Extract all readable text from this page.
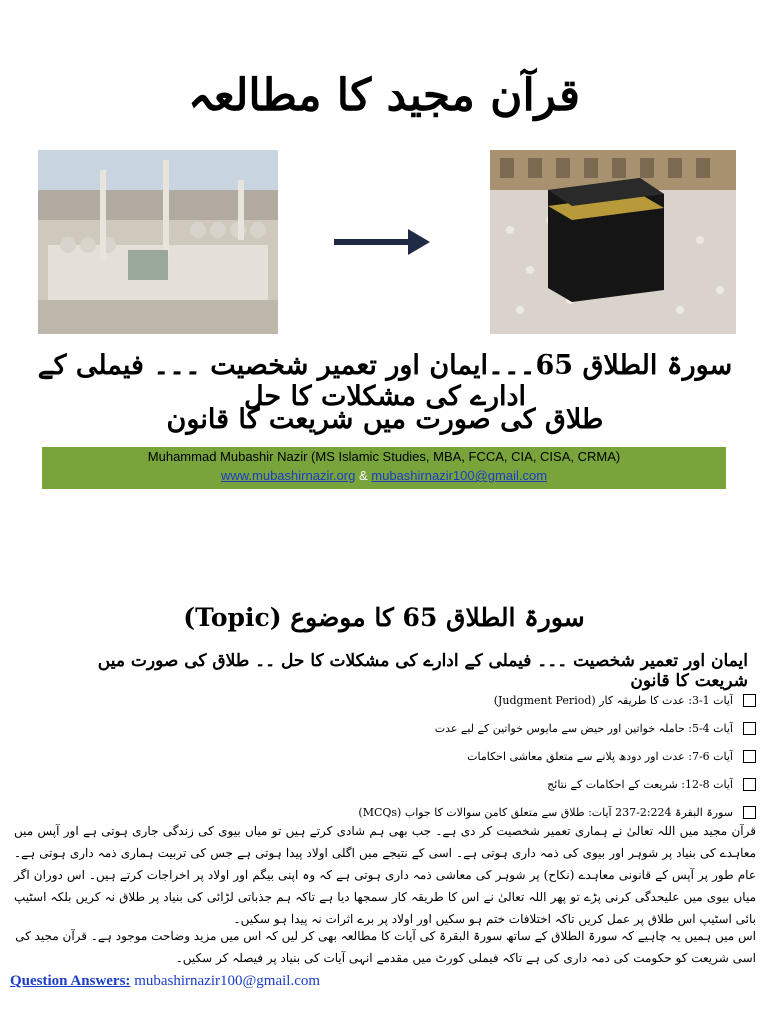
قرآن مجید کا مطالعہ
سورۃ الطلاق 65۔۔۔ایمان اور تعمیر شخصیت ۔۔۔ فیملی کے ادارے کی مشکلات کا حل
طلاق کی صورت میں شریعت کا قانون
Muhammad Mubashir Nazir (MS Islamic Studies, MBA, FCCA, CIA, CISA, CRMA)
www.mubashirnazir.org & mubashirnazir100@gmail.com
سورۃ الطلاق 65 کا موضوع (Topic)
ایمان اور تعمیر شخصیت ۔۔۔ فیملی کے ادارے کی مشکلات کا حل ۔۔ طلاق کی صورت میں شریعت کا قانون
آیات 1-3: عدت کا طریقہ کار (Judgment Period)
آیات 4-5: حاملہ خواتین اور حیض سے مایوس خواتین کے لیے عدت
آیات 6-7: عدت اور دودھ پلانے سے متعلق معاشی احکامات
آیات 8-12: شریعت کے احکامات کے نتائج
سورۃ البقرۃ 2:224-237 آیات: طلاق سے متعلق کامن سوالات کا جواب (MCQs)
قرآن مجید میں اللہ تعالیٰ نے ہماری تعمیر شخصیت کر دی ہے۔ جب بھی ہم شادی کرتے ہیں تو میاں بیوی کی زندگی جاری ہوتی ہے اور آپس میں معاہدے کی بنیاد پر شوہر اور بیوی کی ذمہ داری ہوتی ہے۔ اسی کے نتیجے میں اگلی اولاد پیدا ہوتی ہے جس کی تربیت ہماری ذمہ داری ہوتی ہے۔ عام طور پر آپس کے قانونی معاہدے (نکاح) پر شوہر کی معاشی ذمہ داری ہوتی ہے کہ وہ اپنی بیگم اور اولاد پر اخراجات کرتے ہیں۔ اس دوران اگر میاں بیوی میں علیحدگی کرنی پڑے تو پھر اللہ تعالیٰ نے اس کا طریقہ کار سمجھا دیا ہے تاکہ ہم جذباتی لڑائی کی بنیاد پر طلاق نہ کریں بلکہ اسٹیپ بائی اسٹیپ اس طلاق پر عمل کریں تاکہ اختلافات ختم ہو سکیں اور اولاد پر برے اثرات نہ پیدا ہو سکیں۔
اس میں ہمیں یہ چاہیے کہ سورۃ الطلاق کے ساتھ سورۃ البقرۃ کی آیات کا مطالعہ بھی کر لیں کہ اس میں مزید وضاحت موجود ہے۔ قرآن مجید کی اسی شریعت کو حکومت کی ذمہ داری کی ہے تاکہ فیملی کورٹ میں مقدمے انہی آیات کی بنیاد پر فیصلہ کر سکیں۔
Question Answers: mubashirnazir100@gmail.com
